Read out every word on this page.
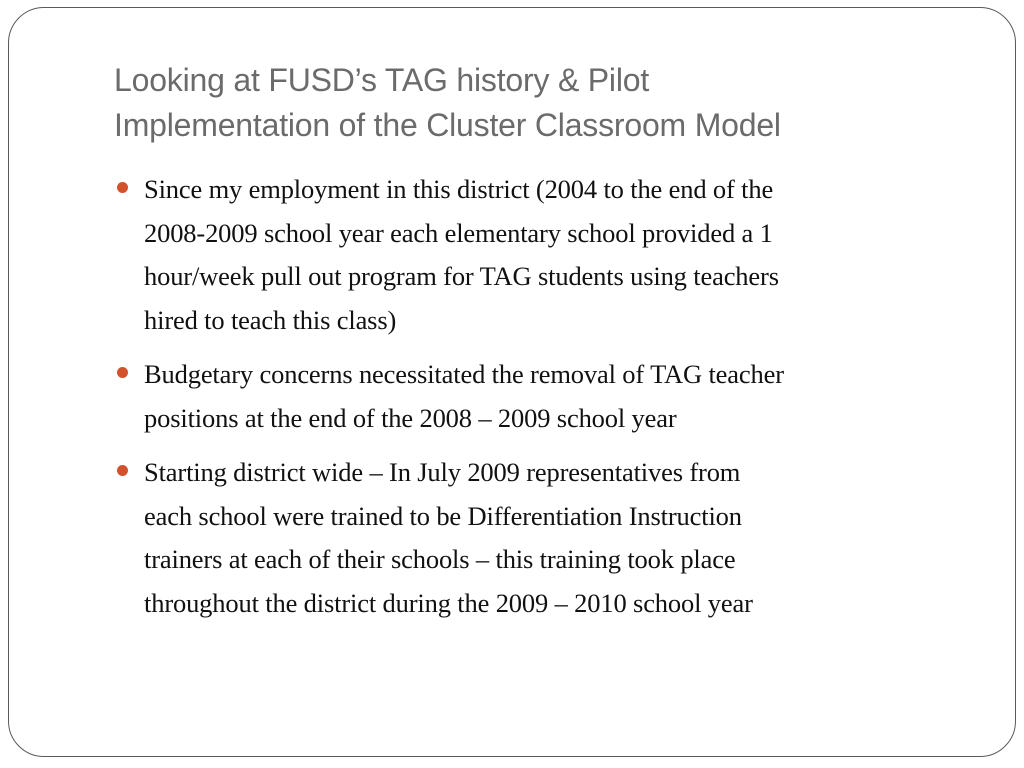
Looking at FUSD’s TAG history & Pilot
Implementation of the Cluster Classroom Model
Since my employment in this district (2004 to the end of the
2008-2009 school year each elementary school provided a 1
hour/week pull out program for TAG students using teachers
hired to teach this class)
Budgetary concerns necessitated the removal of TAG teacher
positions at the end of the 2008 – 2009 school year
Starting district wide – In July 2009 representatives from
each school were trained to be Differentiation Instruction
trainers at each of their schools – this training took place
throughout the district during the 2009 – 2010 school year
